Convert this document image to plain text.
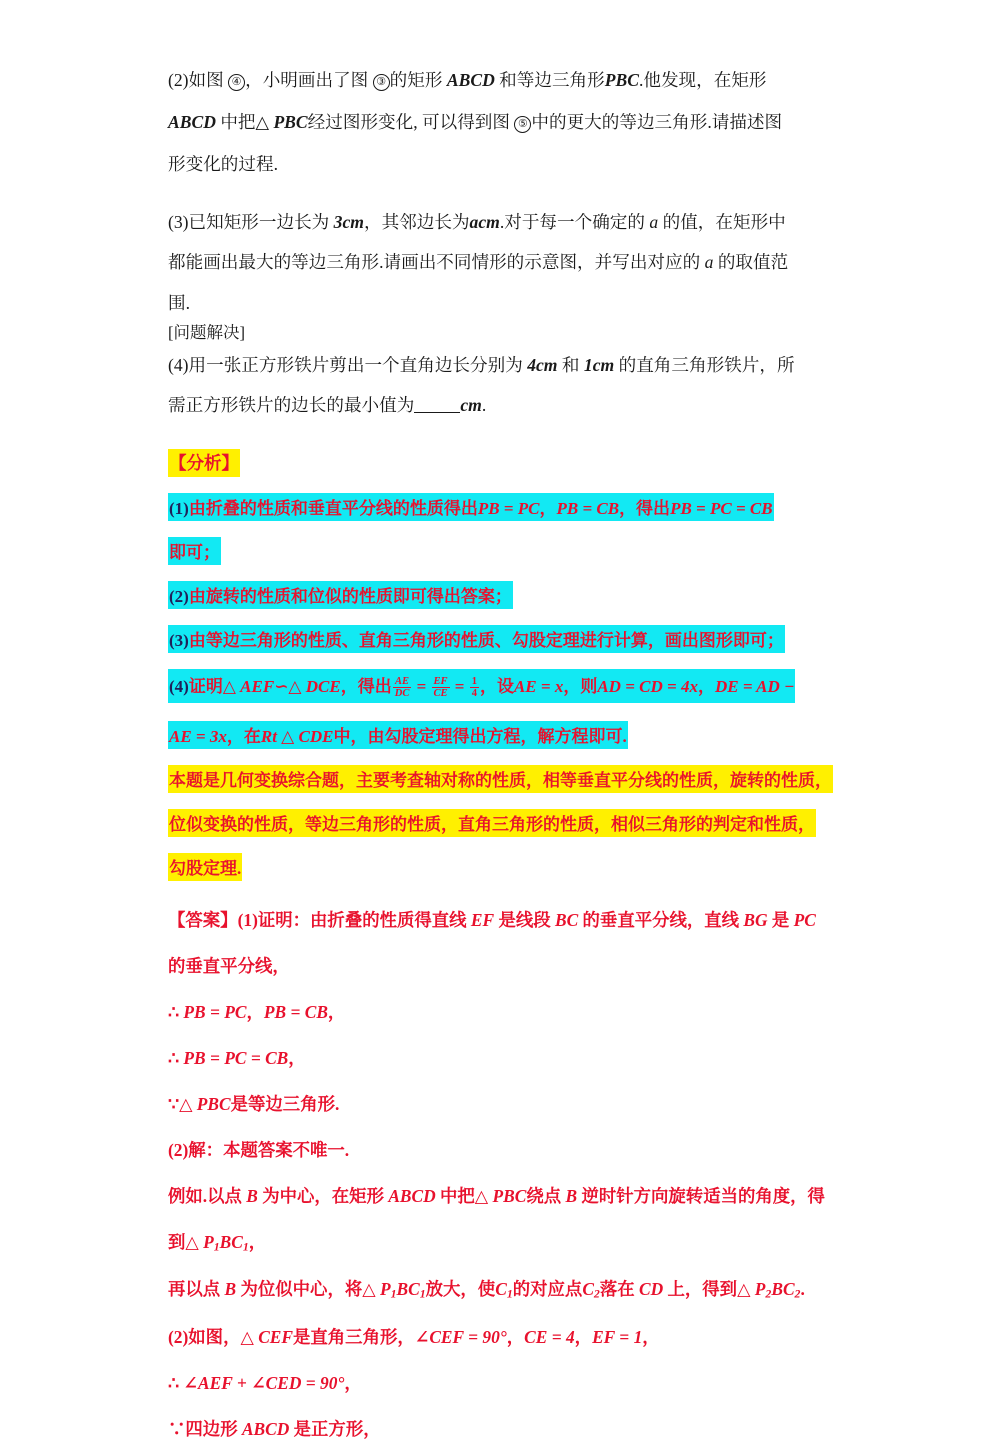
(2)如图 ④ ，小明画出了图 ③ 的矩形 ABCD 和等边三角形PBC.他发现，在矩形
ABCD 中把△ PBC经过图形变化, 可以得到图 ⑤ 中的更大的等边三角形.请描述图
形变化的过程.
(3)已知矩形一边长为 3cm，其邻边长为acm.对于每一个确定的 a 的值，在矩形中
都能画出最大的等边三角形.请画出不同情形的示意图，并写出对应的 a 的取值范
围.
[问题解决]
(4)用一张正方形铁片剪出一个直角边长分别为 4cm 和 1cm 的直角三角形铁片，所
需正方形铁片的边长的最小值为	cm.
【分析】
(1)由折叠的性质和垂直平分线的性质得出PB = PC，PB = CB，得出PB = PC = CB
即可；
(2)由旋转的性质和位似的性质即可得出答案；
(3)由等边三角形的性质、直角三角形的性质、勾股定理进行计算，画出图形即可；
(4)证明△ AEF∽△ DCE，得出 $\frac{AE}{DC} = \frac{EF}{CE} = \frac{1}{4}$ ，设AE = x，则AD = CD = 4x，DE = AD −
AE = 3x，在Rt △ CDE中，由勾股定理得出方程，解方程即可.
本题是几何变换综合题，主要考查轴对称的性质，相等垂直平分线的性质，旋转的性质，
位似变换的性质，等边三角形的性质，直角三角形的性质，相似三角形的判定和性质，
勾股定理.
【答案】(1)证明：由折叠的性质得直线 EF 是线段 BC 的垂直平分线，直线 BG 是 PC
的垂直平分线，
∴ PB = PC，PB = CB，
∴ PB = PC = CB，
∵△ PBC是等边三角形.
(2)解：本题答案不唯一.
例如.以点 B 为中心，在矩形 ABCD 中把△ PBC绕点 B 逆时针方向旋转适当的角度，得
到△ $P_1BC_1$，
再以点 B 为位似中心，将△ $P_1BC_1$放大，使$C_1$的对应点$C_2$落在 CD 上，得到△ $P_2BC_2$.
(2)如图，△ CEF是直角三角形，∠CEF = 90°，CE = 4，EF = 1，
∴ ∠AEF + ∠CED = 90°，
∵四边形 ABCD 是正方形，
